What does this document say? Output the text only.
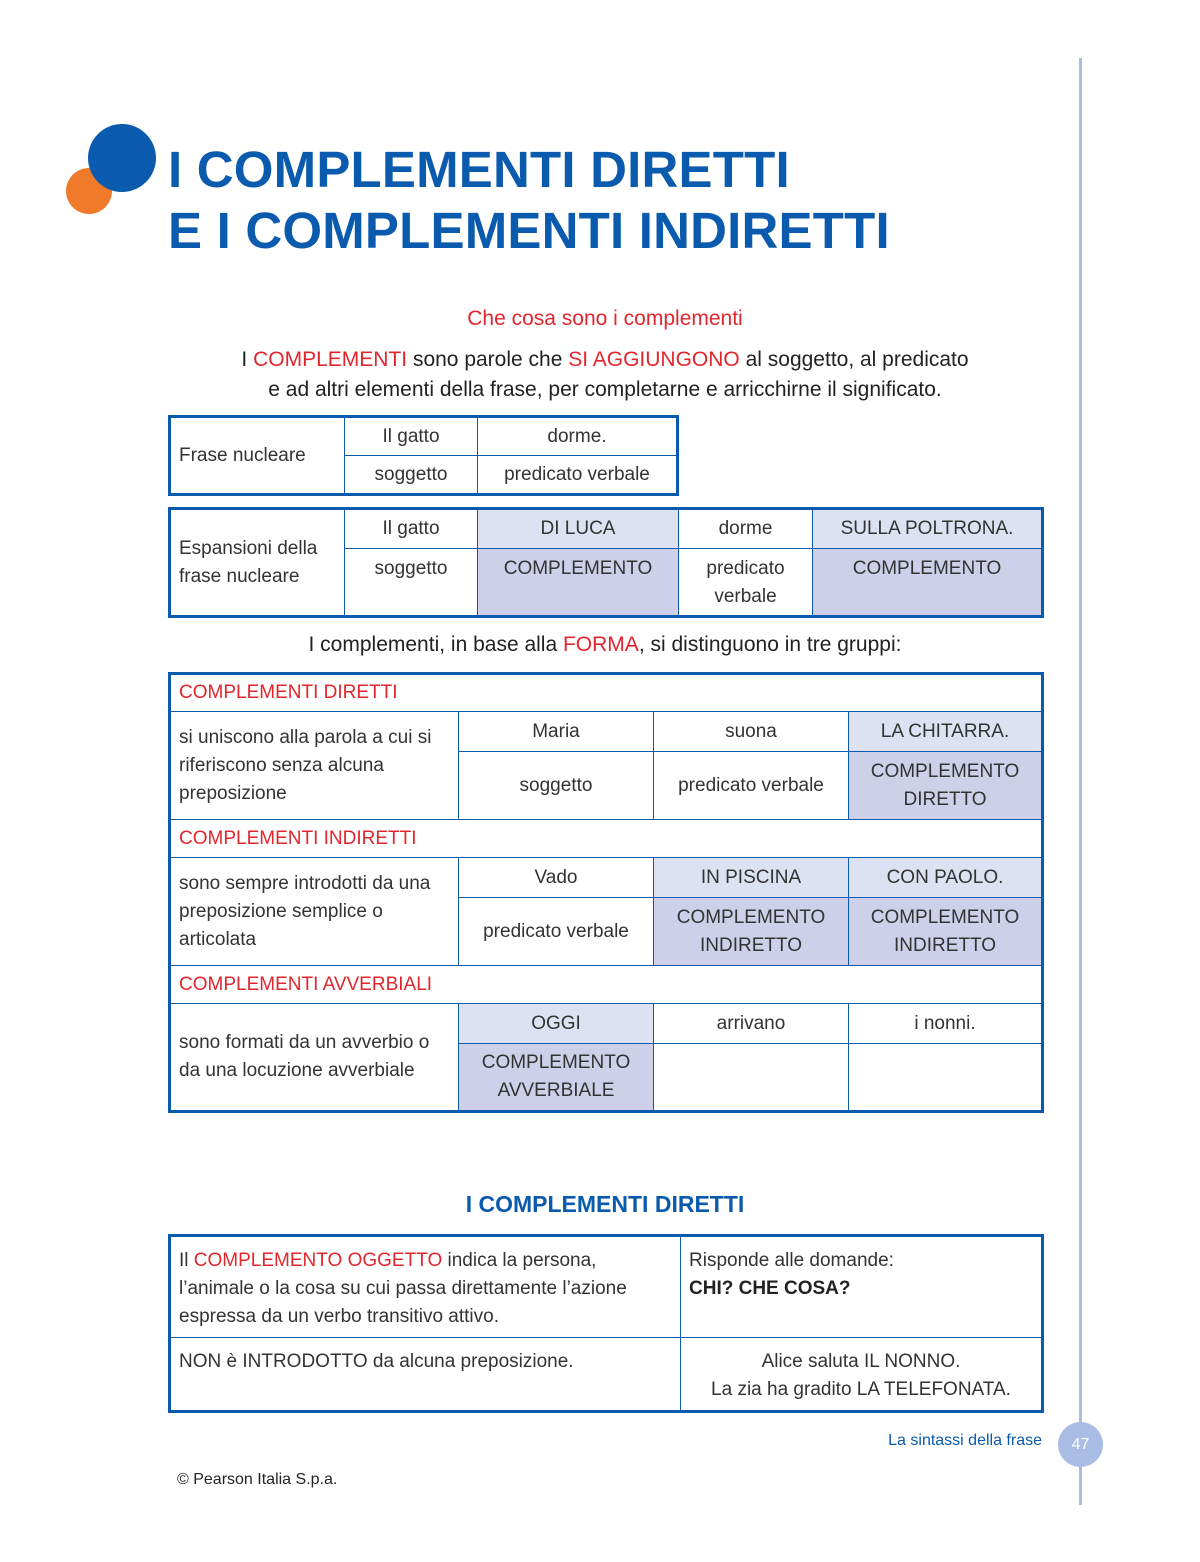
I COMPLEMENTI DIRETTI
E I COMPLEMENTI INDIRETTI
Che cosa sono i complementi
I COMPLEMENTI sono parole che SI AGGIUNGONO al soggetto, al predicato
e ad altri elementi della frase, per completarne e arricchirne il significato.
Frase nucleare	Il gatto	dorme.
	soggetto	predicato verbale
Espansioni della frase nucleare	Il gatto	DI LUCA	dorme	SULLA POLTRONA.
	soggetto	COMPLEMENTO	predicato verbale	COMPLEMENTO
I complementi, in base alla FORMA, si distinguono in tre gruppi:
COMPLEMENTI DIRETTI			
si uniscono alla parola a cui si riferiscono senza alcuna preposizione	Maria	suona	LA CHITARRA.
	soggetto	predicato verbale	COMPLEMENTO DIRETTO
COMPLEMENTI INDIRETTI			
sono sempre introdotti da una preposizione semplice o articolata	Vado	IN PISCINA	CON PAOLO.
	predicato verbale	COMPLEMENTO INDIRETTO	COMPLEMENTO INDIRETTO
COMPLEMENTI AVVERBIALI			
sono formati da un avverbio o da una locuzione avverbiale	OGGI	arrivano	i nonni.
	COMPLEMENTO AVVERBIALE		
I COMPLEMENTI DIRETTI
Il COMPLEMENTO OGGETTO indica la persona, l’animale o la cosa su cui passa direttamente l’azione espressa da un verbo transitivo attivo.	Risponde alle domande:
CHI? CHE COSA?

NON è INTRODOTTO da alcuna preposizione.	Alice saluta IL NONNO.
La zia ha gradito LA TELEFONATA.
La sintassi della frase	47
© Pearson Italia S.p.a.
